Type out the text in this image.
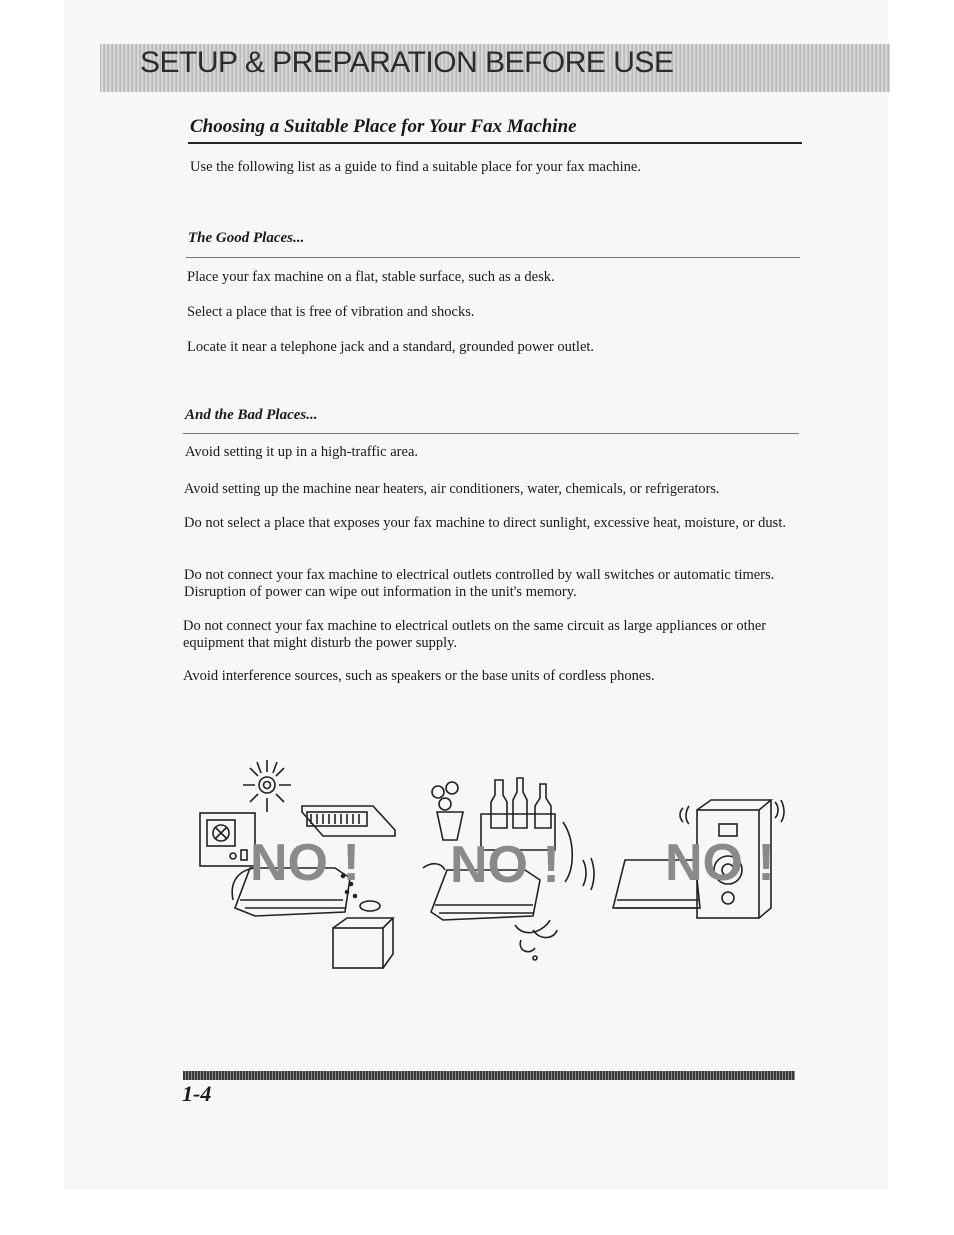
SETUP & PREPARATION BEFORE USE
Choosing a Suitable Place for Your Fax Machine
Use the following list as a guide to find a suitable place for your fax machine.
The Good Places...
Place your fax machine on a flat, stable surface, such as a desk.
Select a place that is free of vibration and shocks.
Locate it near a telephone jack and a standard, grounded power outlet.
And the Bad Places...
Avoid setting it up in a high-traffic area.
Avoid setting up the machine near heaters, air conditioners, water, chemicals, or refrigerators.
Do not select a place that exposes your fax machine to direct sunlight, excessive heat, moisture, or dust.
Do not connect your fax machine to electrical outlets controlled by wall switches or automatic timers. Disruption of power can wipe out information in the unit's memory.
Do not connect your fax machine to electrical outlets on the same circuit as large appliances or other equipment that might disturb the power supply.
Avoid interference sources, such as speakers or the base units of cordless phones.
NO ! NO ! NO !
1-4
